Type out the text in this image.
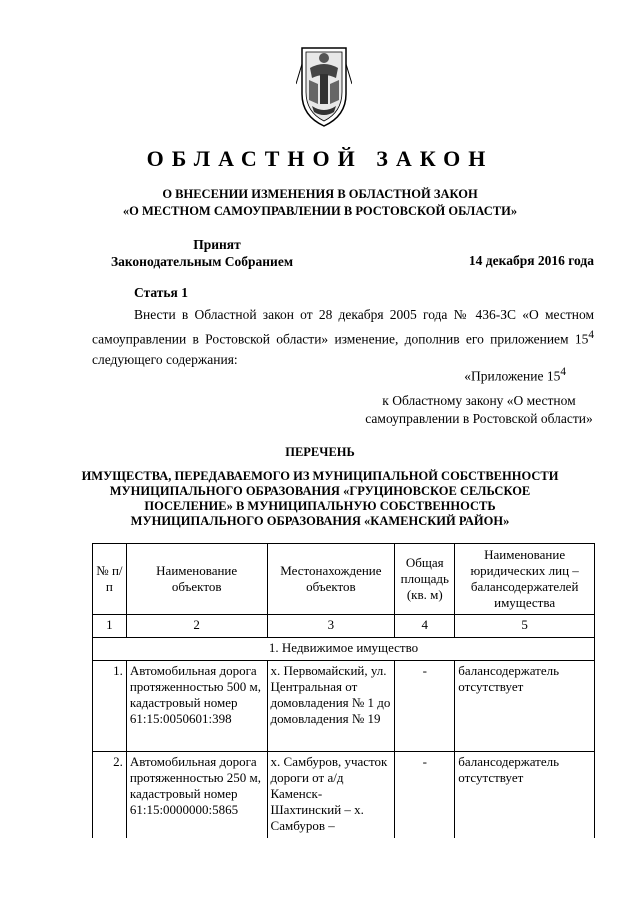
ОБЛАСТНОЙ ЗАКОН
О ВНЕСЕНИИ ИЗМЕНЕНИЯ В ОБЛАСТНОЙ ЗАКОН
«О МЕСТНОМ САМОУПРАВЛЕНИИ В РОСТОВСКОЙ ОБЛАСТИ»
Принят
Законодательным Собранием	14 декабря 2016 года
Статья 1
Внести в Областной закон от 28 декабря 2005 года № 436-ЗС «О местном самоуправлении в Ростовской области» изменение, дополнив его приложением $15^4$ следующего содержания:
«Приложение $15^4$
к Областному закону «О местном
самоуправлении в Ростовской области»
ПЕРЕЧЕНЬ
ИМУЩЕСТВА, ПЕРЕДАВАЕМОГО ИЗ МУНИЦИПАЛЬНОЙ СОБСТВЕННОСТИ
МУНИЦИПАЛЬНОГО ОБРАЗОВАНИЯ «ГРУЦИНОВСКОЕ СЕЛЬСКОЕ
ПОСЕЛЕНИЕ» В МУНИЦИПАЛЬНУЮ СОБСТВЕННОСТЬ
МУНИЦИПАЛЬНОГО ОБРАЗОВАНИЯ «КАМЕНСКИЙ РАЙОН»
№ п/п	Наименование объектов	Местонахождение объектов	Общая площадь (кв. м)	Наименование юридических лиц – балансодержателей имущества
1	2	3	4	5
1. Недвижимое имущество				
1.	Автомобильная дорога протяженностью 500 м, кадастровый номер 61:15:0050601:398	х. Первомайский, ул. Центральная от домовладения № 1 до домовладения № 19	-	балансодержатель отсутствует
2.	Автомобильная дорога протяженностью 250 м, кадастровый номер 61:15:0000000:5865	х. Самбуров, участок дороги от а/д Каменск-Шахтинский – х. Самбуров –	-	балансодержатель отсутствует
